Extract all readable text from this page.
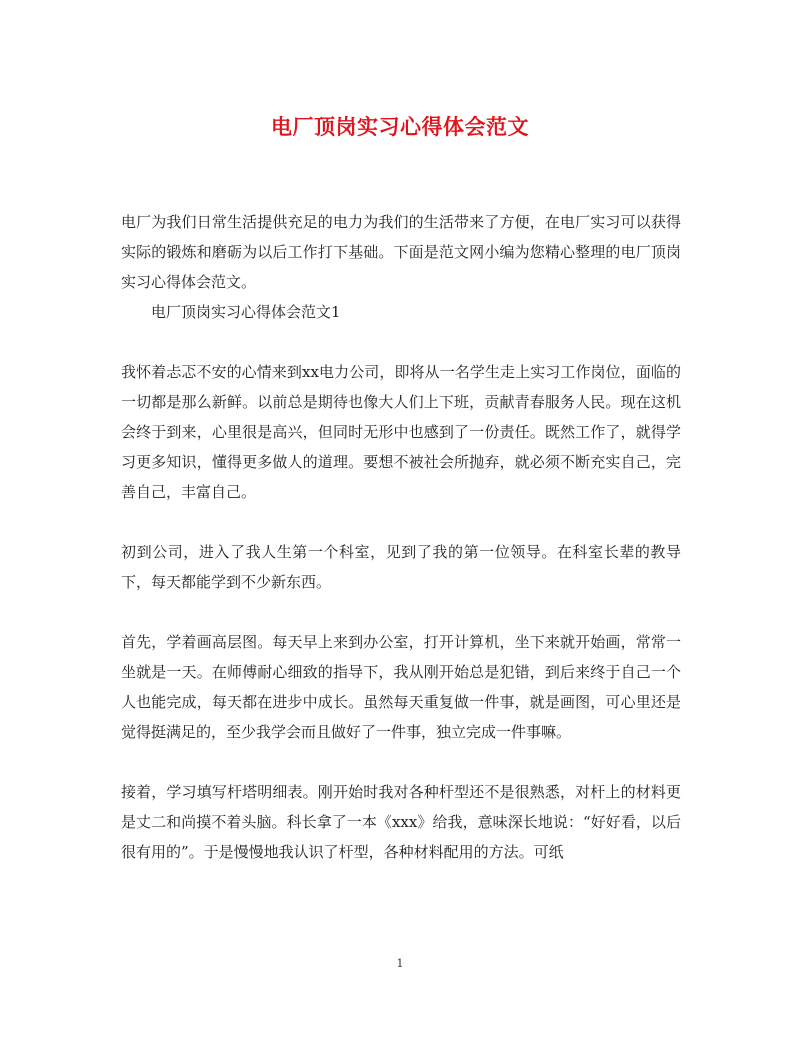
电厂顶岗实习心得体会范文

电厂为我们日常生活提供充足的电力为我们的生活带来了方便，在电厂实习可以获得实际的锻炼和磨砺为以后工作打下基础。下面是范文网小编为您精心整理的电厂顶岗实习心得体会范文。

电厂顶岗实习心得体会范文1

我怀着忐忑不安的心情来到xx电力公司，即将从一名学生走上实习工作岗位，面临的一切都是那么新鲜。以前总是期待也像大人们上下班，贡献青春服务人民。现在这机会终于到来，心里很是高兴，但同时无形中也感到了一份责任。既然工作了，就得学习更多知识，懂得更多做人的道理。要想不被社会所抛弃，就必须不断充实自己，完善自己，丰富自己。

初到公司，进入了我人生第一个科室，见到了我的第一位领导。在科室长辈的教导下，每天都能学到不少新东西。

首先，学着画高层图。每天早上来到办公室，打开计算机，坐下来就开始画，常常一坐就是一天。在师傅耐心细致的指导下，我从刚开始总是犯错，到后来终于自己一个人也能完成，每天都在进步中成长。虽然每天重复做一件事，就是画图，可心里还是觉得挺满足的，至少我学会而且做好了一件事，独立完成一件事嘛。

接着，学习填写杆塔明细表。刚开始时我对各种杆型还不是很熟悉，对杆上的材料更是丈二和尚摸不着头脑。科长拿了一本《xxx》给我，意味深长地说：“好好看，以后很有用的”。于是慢慢地我认识了杆型，各种材料配用的方法。可纸

1
